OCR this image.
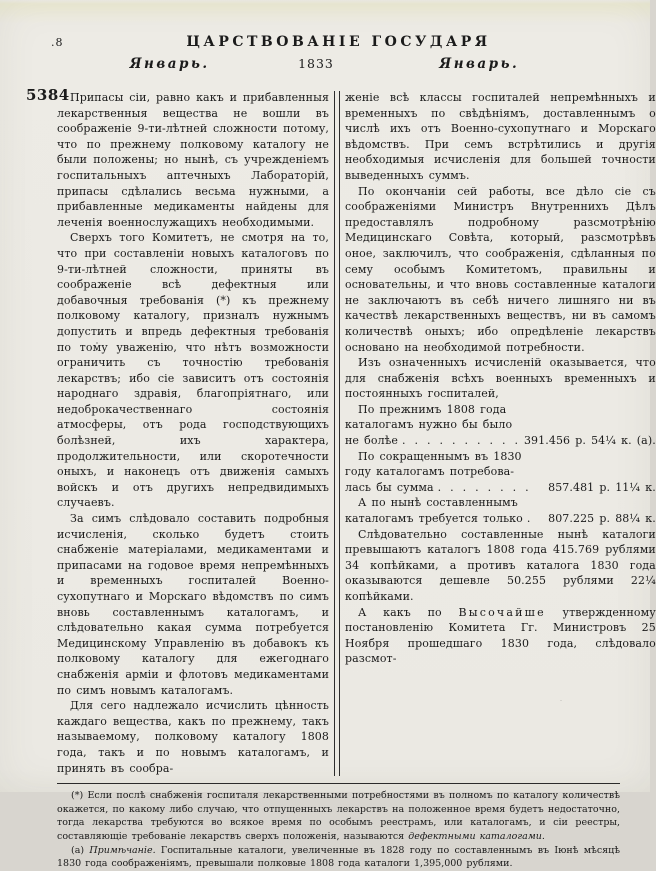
.8	ЦАРСТВОВАНІЕ ГОСУДАРЯ
Январь.	1833	Январь.
5384 Припасы сіи, равно какъ и прибавленныя лекарственныя вещества не вошли въ соображеніе 9-ти-лѣтней сложности потому, что по прежнему полковому каталогу не были положены; но нынѣ, съ учрежденіемъ госпитальныхъ аптечныхъ Лабораторій, припасы сдѣлались весьма нужными, а прибавленные медикаменты найдены для леченія военнослужащихъ необходимыми.

Сверхъ того Комитетъ, не смотря на то, что при составленіи новыхъ каталоговъ по 9-ти-лѣтней сложности, приняты въ соображеніе всѣ дефектныя или добавочныя требованія (*) къ прежнему полковому каталогу, призналъ нужнымъ допустить и впредь дефектныя требованія по тому уваженію, что нѣтъ возможности ограничить съ точностію требованія лекарствъ; ибо сіе зависитъ отъ состоянія народнаго здравія, благопріятнаго, или недоброкачественнаго состоянія атмосферы, отъ рода господствующихъ болѣзней, ихъ характера, продолжительности, или скоротечности оныхъ, и наконецъ отъ движенія самыхъ войскъ и отъ другихъ непредвидимыхъ случаевъ.

За симъ слѣдовало составить подробныя исчисленія, сколько будетъ стоить снабженіе матеріалами, медикаментами и припасами на годовое время непремѣнныхъ и временныхъ госпиталей Военно-сухопутнаго и Морскаго вѣдомствъ по симъ вновь составленнымъ каталогамъ, и слѣдовательно какая сумма потребуется Медицинскому Управленію въ добавокъ къ полковому каталогу для ежегоднаго снабженія арміи и флотовъ медикаментами по симъ новымъ каталогамъ.

Для сего надлежало исчислить цѣнность каждаго вещества, какъ по прежнему, такъ называемому, полковому каталогу 1808 года, такъ и по новымъ каталогамъ, и принять въ сообра-

женіе всѣ классы госпиталей непремѣнныхъ и временныхъ по свѣдѣніямъ, доставленнымъ о числѣ ихъ отъ Военно-сухопутнаго и Морскаго вѣдомствъ. При семъ встрѣтились и другія необходимыя исчисленія для большей точности выведенныхъ суммъ.

По окончаніи сей работы, все дѣло сіе съ соображеніями Министръ Внутреннихъ Дѣлъ предоставлялъ подробному разсмотрѣнію Медицинскаго Совѣта, который, разсмотрѣвъ оное, заключилъ, что соображенія, сдѣланныя по сему особымъ Комитетомъ, правильны и основательны, и что вновь составленные каталоги не заключаютъ въ себѣ ничего лишняго ни въ качествѣ лекарственныхъ веществъ, ни въ самомъ количествѣ оныхъ; ибо опредѣленіе лекарствъ основано на необходимой потребности.

Изъ означенныхъ исчисленій оказывается, что для снабженія всѣхъ военныхъ временныхъ и постоянныхъ госпиталей,

По прежнимъ 1808 года
каталогамъ нужно бы было
не болѣе . . . . . . . . . . 391.456 р. 54¼ к. (a).
По сокращеннымъ въ 1830
году каталогамъ потребова-
лась бы сумма . . . . . . . .	857.481 р. 11¼ к.
А по нынѣ составленнымъ
каталогамъ требуется только .	807.225 р. 88¼ к.

Слѣдовательно составленные нынѣ каталоги превышаютъ каталогъ 1808 года 415.769 рублями 34 копѣйками, а противъ каталога 1830 года оказываются дешевле 50.255 рублями 22¼ копѣйками.

А какъ по Высочайше утвержденному постановленію Комитета Гг. Министровъ 25 Ноября прошедшаго 1830 года, слѣдовало разсмот-

(*) Если послѣ снабженія госпиталя лекарственными потребностями въ полномъ по каталогу количествѣ окажется, по какому либо случаю, что отпущенныхъ лекарствъ на положенное время будетъ недостаточно, тогда лекарства требуются во всякое время по особымъ реестрамъ, или каталогамъ, и сіи реестры, составляющіе требованіе лекарствъ сверхъ положенія, называются дефектными каталогами.

(a) Примѣчаніе. Госпитальные каталоги, увеличенные въ 1828 году по составленнымъ въ Іюнѣ мѣсяцѣ 1830 года соображеніямъ, превышали полковые 1808 года каталоги 1,395,000 рублями.
